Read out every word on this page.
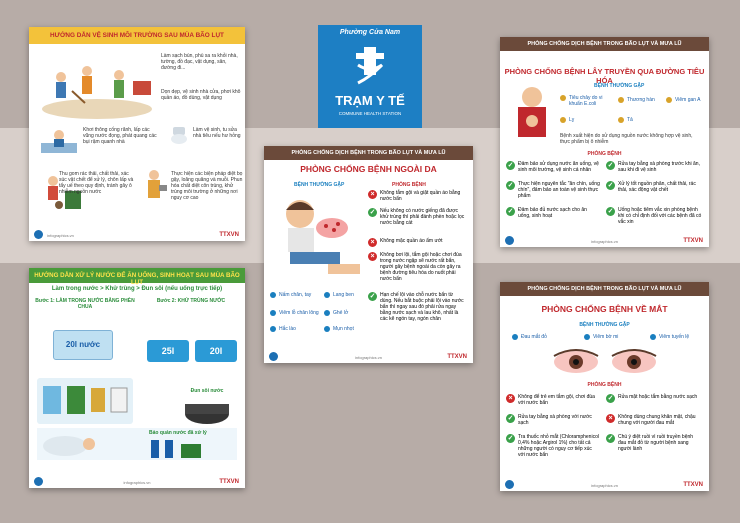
HƯỚNG DẪN VỆ SINH MÔI TRƯỜNG SAU MÙA BÃO LỤT
Làm sạch bùn, phù sa ra khỏi nhà, tường, đồ đạc, vật dụng, sân, đường đi...
Dọn dẹp, vệ sinh nhà cửa, phơi khô quần áo, đồ dùng, vật dụng
Khơi thông cống rãnh, lấp các vũng nước đọng, phát quang các bụi rậm quanh nhà
Làm vệ sinh, tu sửa nhà tiêu nếu hư hỏng
Thu gom rác thải, chất thải, xác súc vật chết để xử lý, chôn lấp và tẩy uế theo quy định, tránh gây ô nhiễm nguồn nước
Thực hiện các biện pháp diệt bọ gậy, loăng quăng và muỗi. Phun hóa chất diệt côn trùng, khử trùng môi trường ở những nơi nguy cơ cao
infographics.vn	TTXVN
Phường Cửa Nam
TRẠM Y TẾ
COMMUNE HEALTH STATION
HƯỚNG DẪN XỬ LÝ NƯỚC ĐỂ ĂN UỐNG, SINH HOẠT SAU MÙA BÃO LỤT
Làm trong nước > Khử trùng > Đun sôi (nếu uống trực tiếp)
Bước 1: LÀM TRONG NƯỚC BẰNG PHÈN CHUA
Bước 2: KHỬ TRÙNG NƯỚC
20l nước
25l	20l
Đun sôi nước
Bảo quản nước đã xử lý
infographics.vn	TTXVN
PHÒNG CHỐNG DỊCH BỆNH TRONG BÃO LỤT VÀ MƯA LŨ
PHÒNG CHỐNG BỆNH NGOÀI DA
BỆNH THƯỜNG GẶP	PHÒNG BỆNH
Nấm chân, tay	Lang ben
Viêm lỗ chân lông	Ghẻ lở
Hắc lào	Mụn nhọt
×	Không tắm gội và giặt quần áo bằng nước bẩn
✓ Nếu không có nước giếng đã được khử trùng thì phải đánh phèn hoặc lọc nước bằng cát
×	Không mặc quần áo ẩm ướt
×	Không bơi lội, tắm gội hoặc chơi đùa trong nước ngập sẽ nước rất bẩn, người gây bệnh ngoài da còn gây ra bệnh đường tiêu hóa do nuốt phải nước bẩn
✓ Hạn chế lội vào chỗ nước bẩn từ dùng. Nếu bắt buộc phải lội vào nước bẩn thì ngay sau đó phải rửa ngay bằng nước sạch và lau khô, nhất là các kẽ ngón tay, ngón chân
infographics.vn	TTXVN
PHÒNG CHỐNG DỊCH BỆNH TRONG BÃO LỤT VÀ MƯA LŨ
PHÒNG CHỐNG BỆNH LÂY TRUYỀN QUA ĐƯỜNG TIÊU HÓA
BỆNH THƯỜNG GẶP
Tiêu chảy do vi khuẩn E.coli
Thương hàn	Viêm gan A
Lỵ	Tả
Bệnh xuất hiện do sử dụng nguồn nước không hợp vệ sinh, thực phẩm bị ô nhiễm
PHÒNG BỆNH
✓ Đảm bảo sử dụng nước ăn uống, vệ sinh môi trường, vệ sinh cá nhân
✓ Rửa tay bằng xà phòng trước khi ăn, sau khi đi vệ sinh
✓ Thực hiện nguyên tắc "ăn chín, uống chín", đảm bảo an toàn vệ sinh thực phẩm
✓ Xử lý tốt nguồn phân, chất thải, rác thải, xác động vật chết
✓ Đảm bảo đủ nước sạch cho ăn uống, sinh hoạt
✓ Uống hoặc tiêm vắc xin phòng bệnh khi có chỉ định đối với các bệnh đã có vắc xin
infographics.vn	TTXVN
PHÒNG CHỐNG DỊCH BỆNH TRONG BÃO LỤT VÀ MƯA LŨ
PHÒNG CHỐNG BỆNH VỀ MẮT
BỆNH THƯỜNG GẶP
Đau mắt đỏ	Viêm bờ mi	Viêm tuyến lệ
PHÒNG BỆNH
×	Không để trẻ em tắm gội, chơi đùa với nước bẩn
✓ Rửa mặt hoặc tắm bằng nước sạch
✓ Rửa tay bằng xà phòng với nước sạch
×	Không dùng chung khăn mặt, chậu chung với người đau mắt
✓ Tra thuốc nhỏ mắt (Chloramphenicol 0,4% hoặc Argirol 1%) cho tất cả những người có nguy cơ tiếp xúc với nước bẩn
✓ Chú ý diệt ruồi vì ruồi truyền bệnh đau mắt đỏ từ người bệnh sang người lành
infographics.vn	TTXVN
